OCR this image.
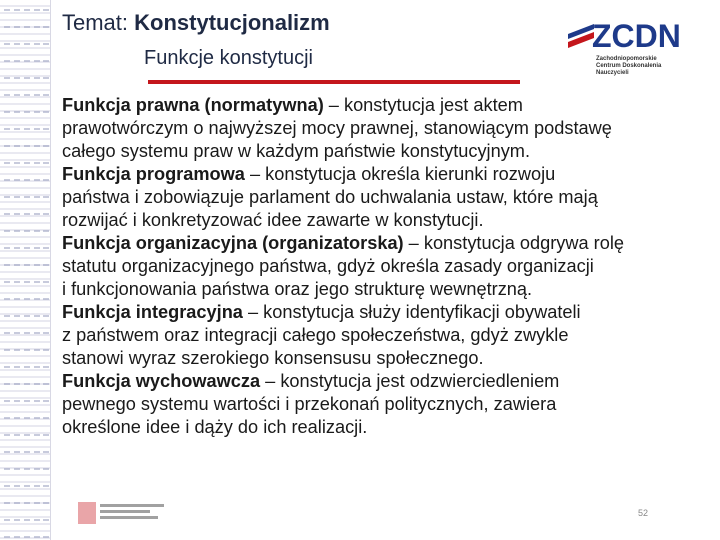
Temat: Konstytucjonalizm
Funkcje konstytucji
ZCDN
Zachodniopomorskie
Centrum Doskonalenia Nauczycieli

Funkcja prawna (normatywna) – konstytucja jest aktem
prawotwórczym o najwyższej mocy prawnej, stanowiącym podstawę
całego systemu praw w każdym państwie konstytucyjnym.

Funkcja programowa – konstytucja określa kierunki rozwoju
państwa i zobowiązuje parlament do uchwalania ustaw, które mają
rozwijać i konkretyzować idee zawarte w konstytucji.

Funkcja organizacyjna (organizatorska) – konstytucja odgrywa rolę
statutu organizacyjnego państwa, gdyż określa zasady organizacji
i funkcjonowania państwa oraz jego strukturę wewnętrzną.

Funkcja integracyjna – konstytucja służy identyfikacji obywateli
z państwem oraz integracji całego społeczeństwa, gdyż zwykle
stanowi wyraz szerokiego konsensusu społecznego.

Funkcja wychowawcza – konstytucja jest odzwierciedleniem
pewnego systemu wartości i przekonań politycznych, zawiera
określone idee i dąży do ich realizacji.

52
